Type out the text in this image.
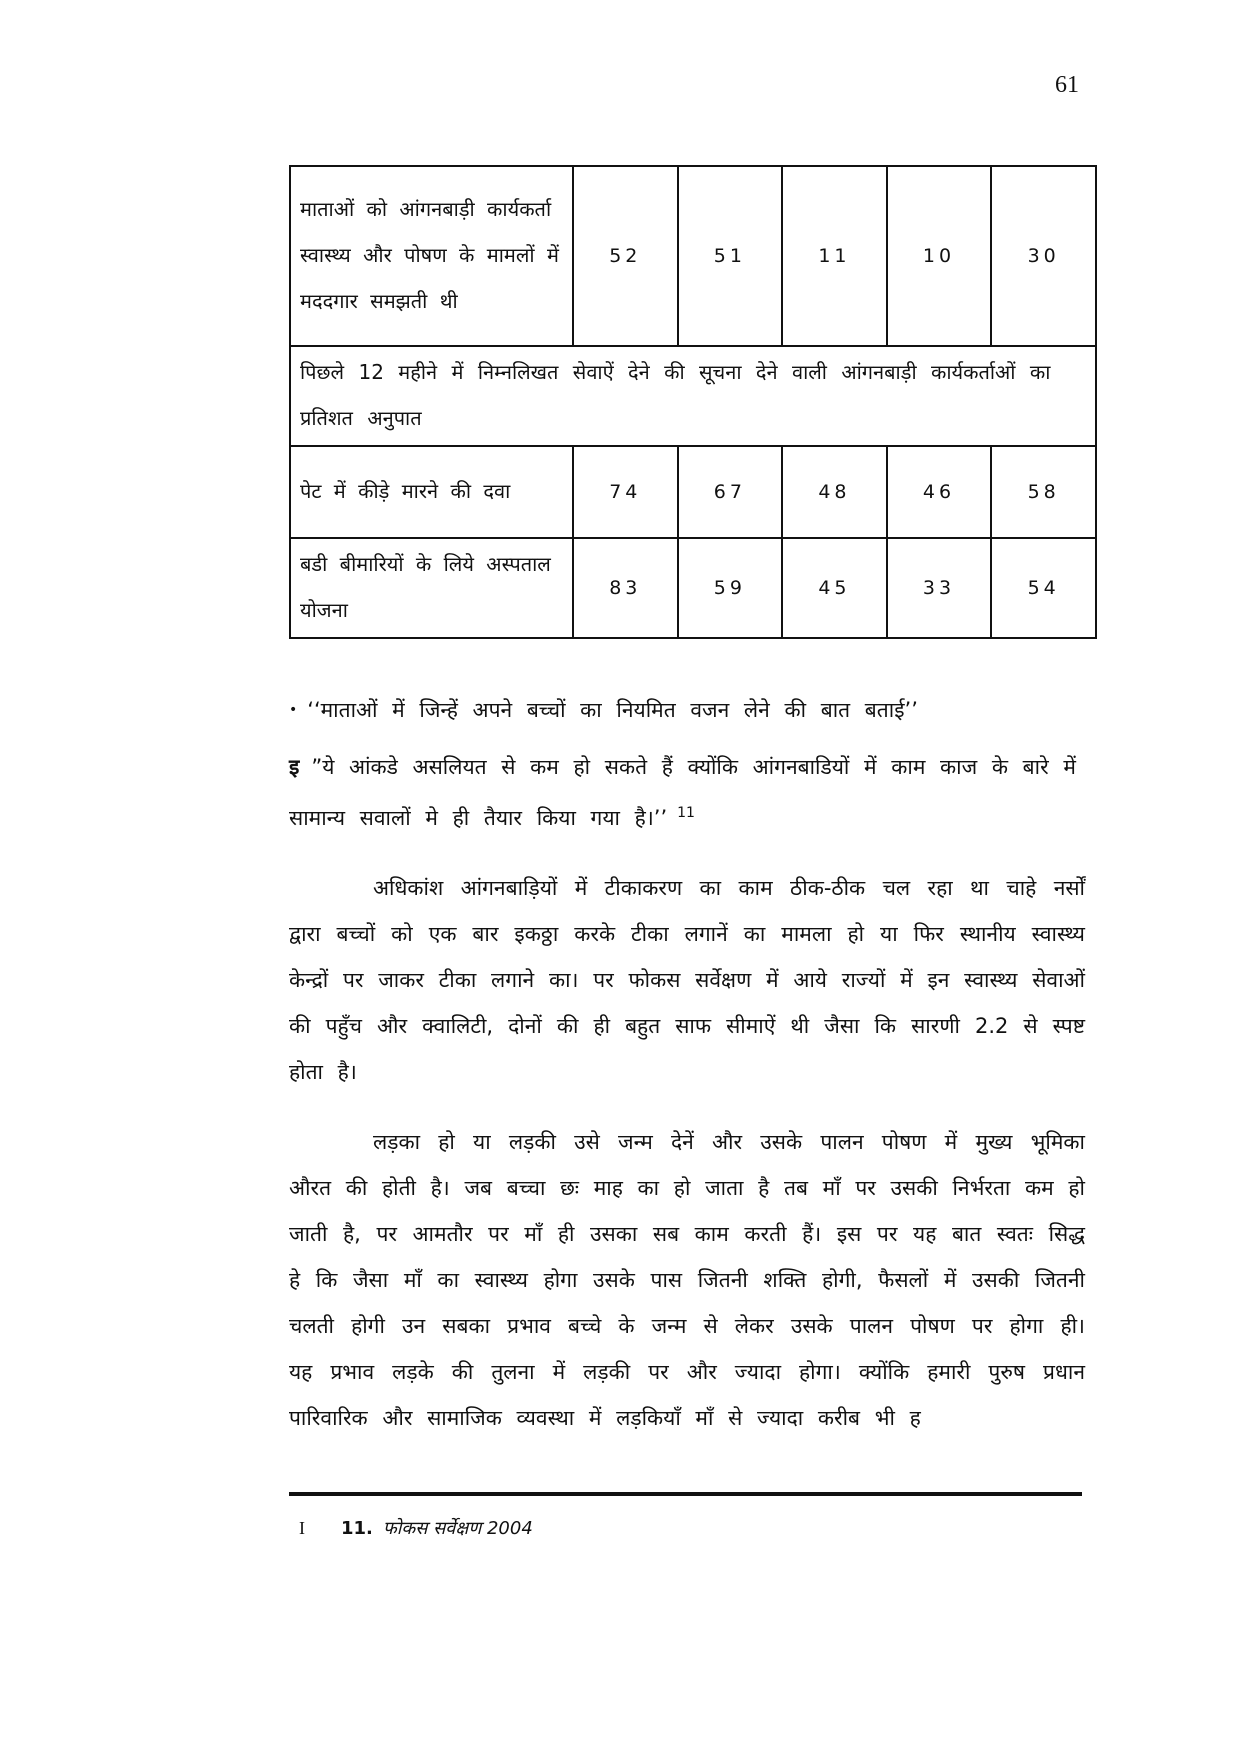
61
माताओं को आंगनबाड़ी कार्यकर्ता स्वास्थ्य और पोषण के मामलों में मददगार समझती थी	52	51	11	10	30
पिछले 12 महीने में निम्नलिखत सेवाऐं देने की सूचना देने वाली आंगनबाड़ी कार्यकर्ताओं का प्रतिशत अनुपात					
पेट में कीड़े मारने की दवा	74	67	48	46	58
बडी बीमारियों के लिये अस्पताल योजना	83	59	45	33	54

• ‘‘माताओं में जिन्हें अपने बच्चों का नियमित वजन लेने की बात बताई’’

इ ”ये आंकडे असलियत से कम हो सकते हैं क्योंकि आंगनबाडियों में काम काज के बारे में सामान्य सवालों मे ही तैयार किया गया है।’’ $^{11}$

अधिकांश आंगनबाड़ियों में टीकाकरण का काम ठीक-ठीक चल रहा था चाहे नर्सों द्वारा बच्चों को एक बार इकठ्ठा करके टीका लगानें का मामला हो या फिर स्थानीय स्वास्थ्य केन्द्रों पर जाकर टीका लगाने का। पर फोकस सर्वेक्षण में आये राज्यों में इन स्वास्थ्य सेवाओं की पहुँच और क्वालिटी, दोनों की ही बहुत साफ सीमाऐं थी जैसा कि सारणी 2.2 से स्पष्ट होता है।

लड़का हो या लड़की उसे जन्म देनें और उसके पालन पोषण में मुख्य भूमिका औरत की होती है। जब बच्चा छः माह का हो जाता है तब माँ पर उसकी निर्भरता कम हो जाती है, पर आमतौर पर माँ ही उसका सब काम करती हैं। इस पर यह बात स्वतः सिद्ध हे कि जैसा माँ का स्वास्थ्य होगा उसके पास जितनी शक्ति होगी, फैसलों में उसकी जितनी चलती होगी उन सबका प्रभाव बच्चे के जन्म से लेकर उसके पालन पोषण पर होगा ही। यह प्रभाव लड़के की तुलना में लड़की पर और ज्यादा होगा। क्योंकि हमारी पुरुष प्रधान पारिवारिक और सामाजिक व्यवस्था में लड़कियाँ माँ से ज्यादा करीब भी ह

I 11. फोकस सर्वेक्षण 2004
